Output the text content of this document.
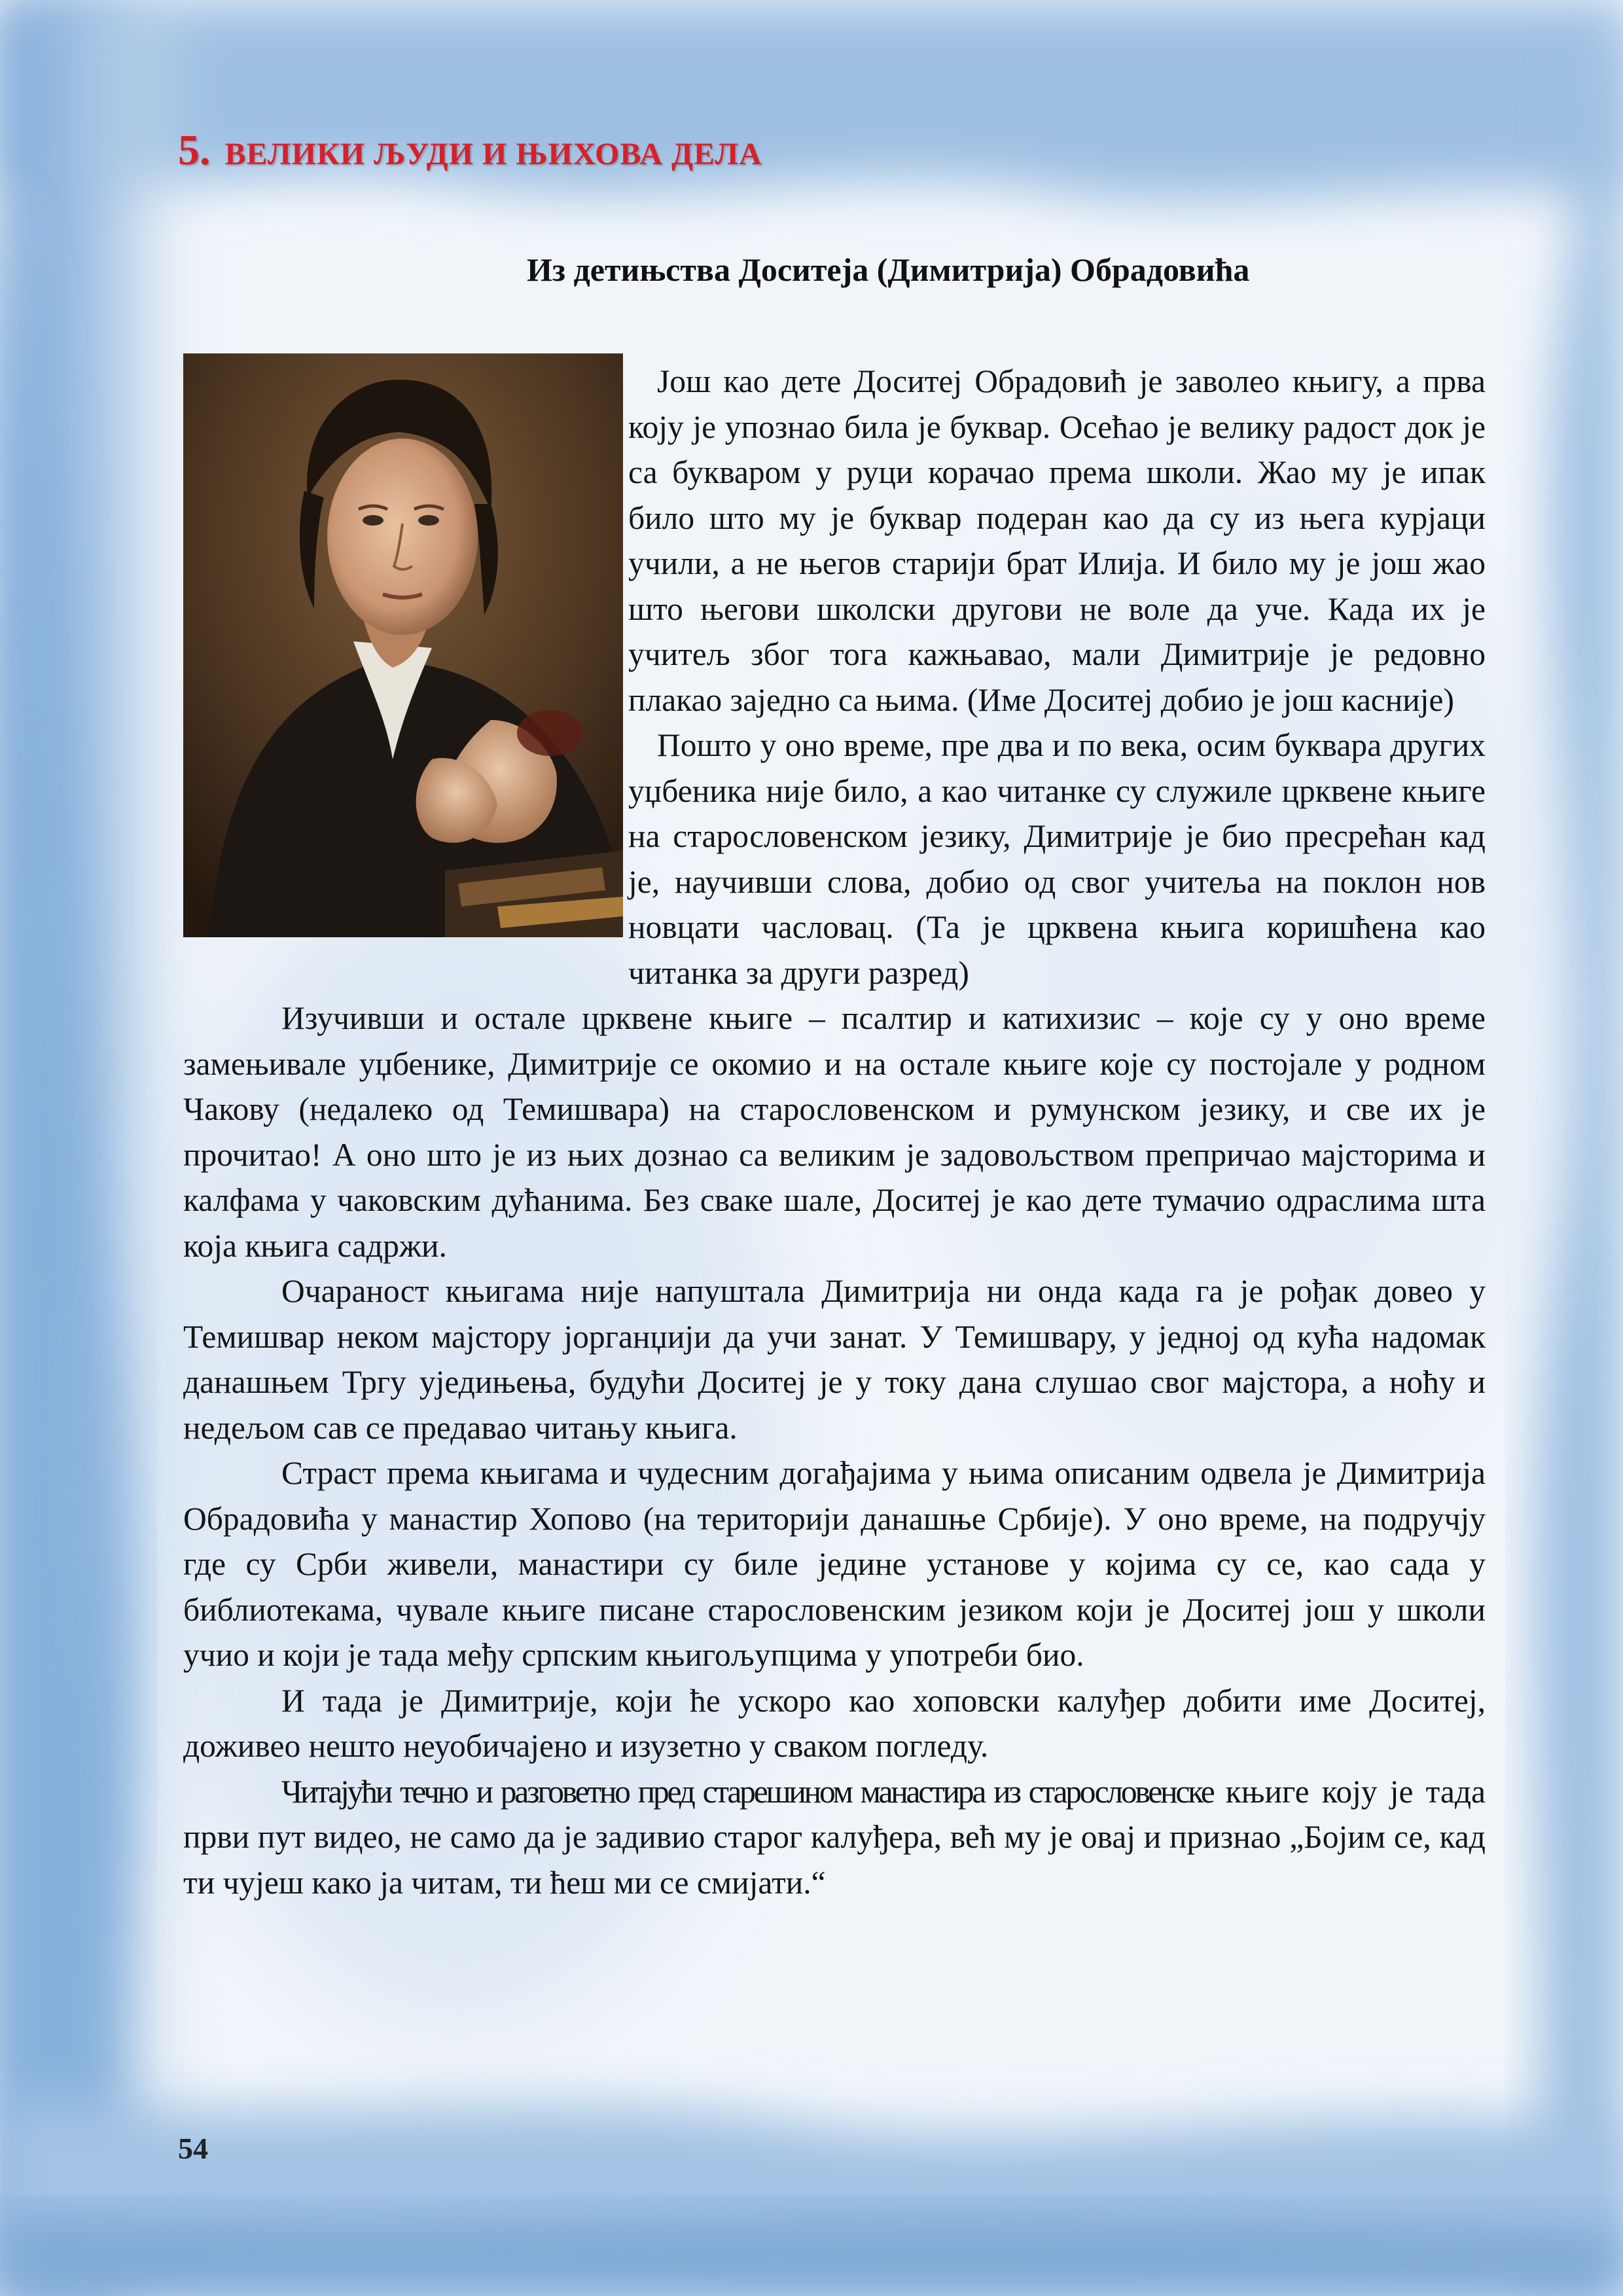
5. ВЕЛИКИ ЉУДИ И ЊИХОВА ДЕЛА
Из детињства Доситеја (Димитрија) Обрадовића

Још као дете Доситеј Обрадовић је заволео књигу, а прва коју је упознао била је буквар. Осећао је велику радост док је са букваром у руци корачао према школи. Жао му је ипак било што му је буквар подеран као да су из њега курјаци учили, а не његов старији брат Илија. И било му је још жао што његови школски другови не воле да уче. Када их је учитељ због тога кажњавао, мали Димитрије је редовно плакао заједно са њима. (Име Доситеј добио је још касније)

Пошто у оно време, пре два и по века, осим буквара других уџбеника није било, а као читанке су служиле црквене књиге на старословенском језику, Димитрије је био пресрећан кад је, научивши слова, добио од свог учитеља на поклон нов новцати часловац. (Та је црквена књига коришћена као читанка за други разред)

Изучивши и остале црквене књиге – псалтир и катихизис – које су у оно време замењивале уџбенике, Димитрије се окомио и на остале књиге које су постојале у родном Чакову (недалеко од Темишвара) на старословенском и румунском језику, и све их је прочитао! А оно што је из њих дознао са великим је задовољством препричао мајсторима и калфама у чаковским дућанима. Без сваке шале, Доситеј је као дете тумачио одраслима шта која књига садржи.

Очараност књигама није напуштала Димитрија ни онда када га је рођак довео у Темишвар неком мајстору јорганџији да учи занат. У Темишвару, у једној од кућа надомак данашњем Тргу уједињења, будући Доситеј је у току дана слушао свог мајстора, а ноћу и недељом сав се предавао читању књига.

Страст према књигама и чудесним догађајима у њима описаним одвела је Димитрија Обрадовића у манастир Хопово (на територији данашње Србије). У оно време, на подручју где су Срби живели, манастири су биле једине установе у којима су се, као сада у библиотекама, чувале књиге писане старословенским језиком који је Доситеј још у школи учио и који је тада међу српским књигољупцима у употреби био.

И тада је Димитрије, који ће ускоро као хоповски калуђер добити име Доситеј, доживео нешто неуобичајено и изузетно у сваком погледу.

Читајући течно и разговетно пред старешином манастира из старословенске књиге коју је тада први пут видео, не само да је задивио старог калуђера, већ му је овај и признао „Бојим се, кад ти чујеш како ја читам, ти ћеш ми се смијати.“

54
